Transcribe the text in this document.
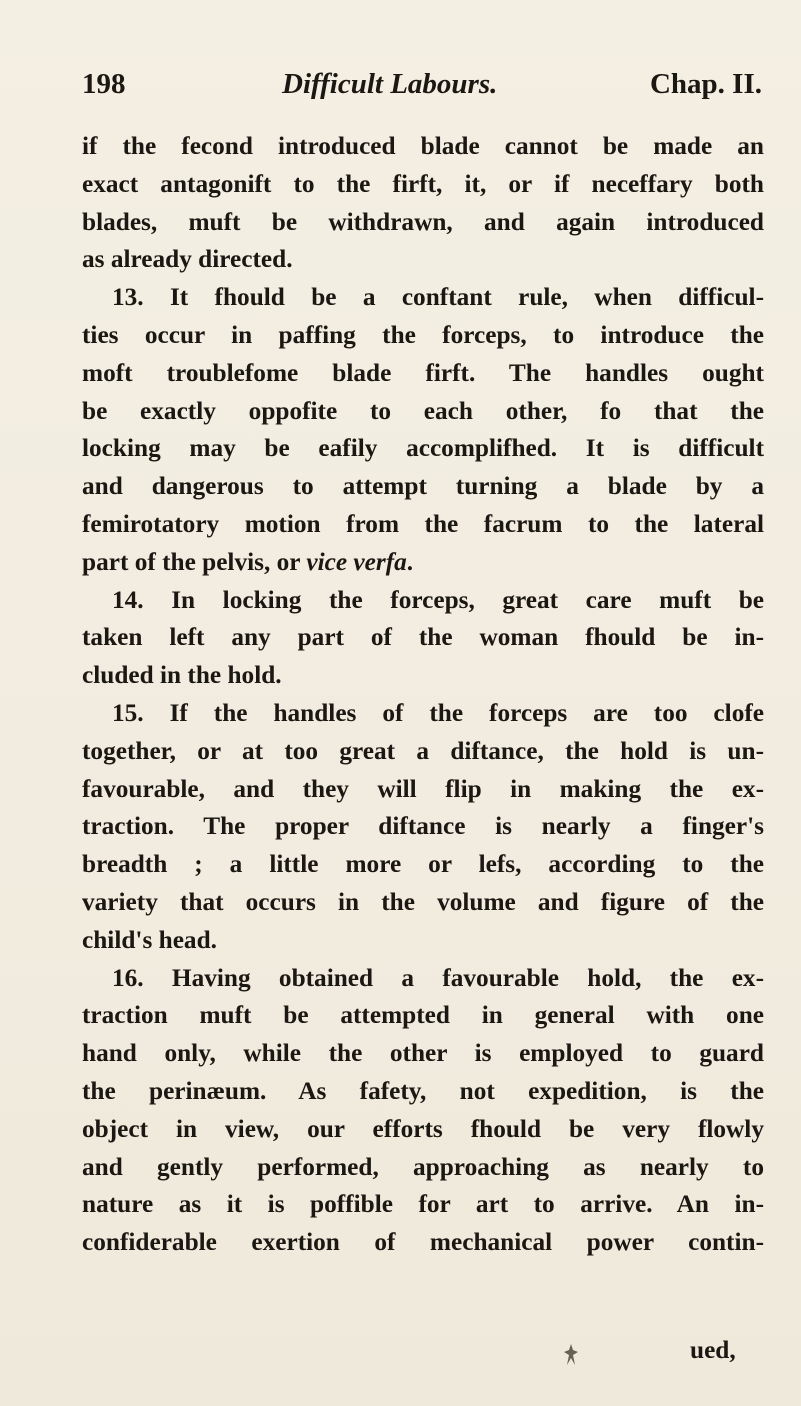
198	Difficult Labours.	Chap. II.
if the fecond introduced blade cannot be made an
exact antagonift to the firft, it, or if neceffary both
blades, muft be withdrawn, and again introduced
as already directed.
13. It fhould be a conftant rule, when difficul-
ties occur in paffing the forceps, to introduce the
moft troublefome blade firft. The handles ought
be exactly oppofite to each other, fo that the
locking may be eafily accomplifhed. It is difficult
and dangerous to attempt turning a blade by a
femirotatory motion from the facrum to the lateral
part of the pelvis, or vice verfa.
14. In locking the forceps, great care muft be
taken left any part of the woman fhould be in-
cluded in the hold.
15. If the handles of the forceps are too clofe
together, or at too great a diftance, the hold is un-
favourable, and they will flip in making the ex-
traction. The proper diftance is nearly a finger's
breadth ; a little more or lefs, according to the
variety that occurs in the volume and figure of the
child's head.
16. Having obtained a favourable hold, the ex-
traction muft be attempted in general with one
hand only, while the other is employed to guard
the perinæum. As fafety, not expedition, is the
object in view, our efforts fhould be very flowly
and gently performed, approaching as nearly to
nature as it is poffible for art to arrive. An in-
confiderable exertion of mechanical power contin-
ued,
